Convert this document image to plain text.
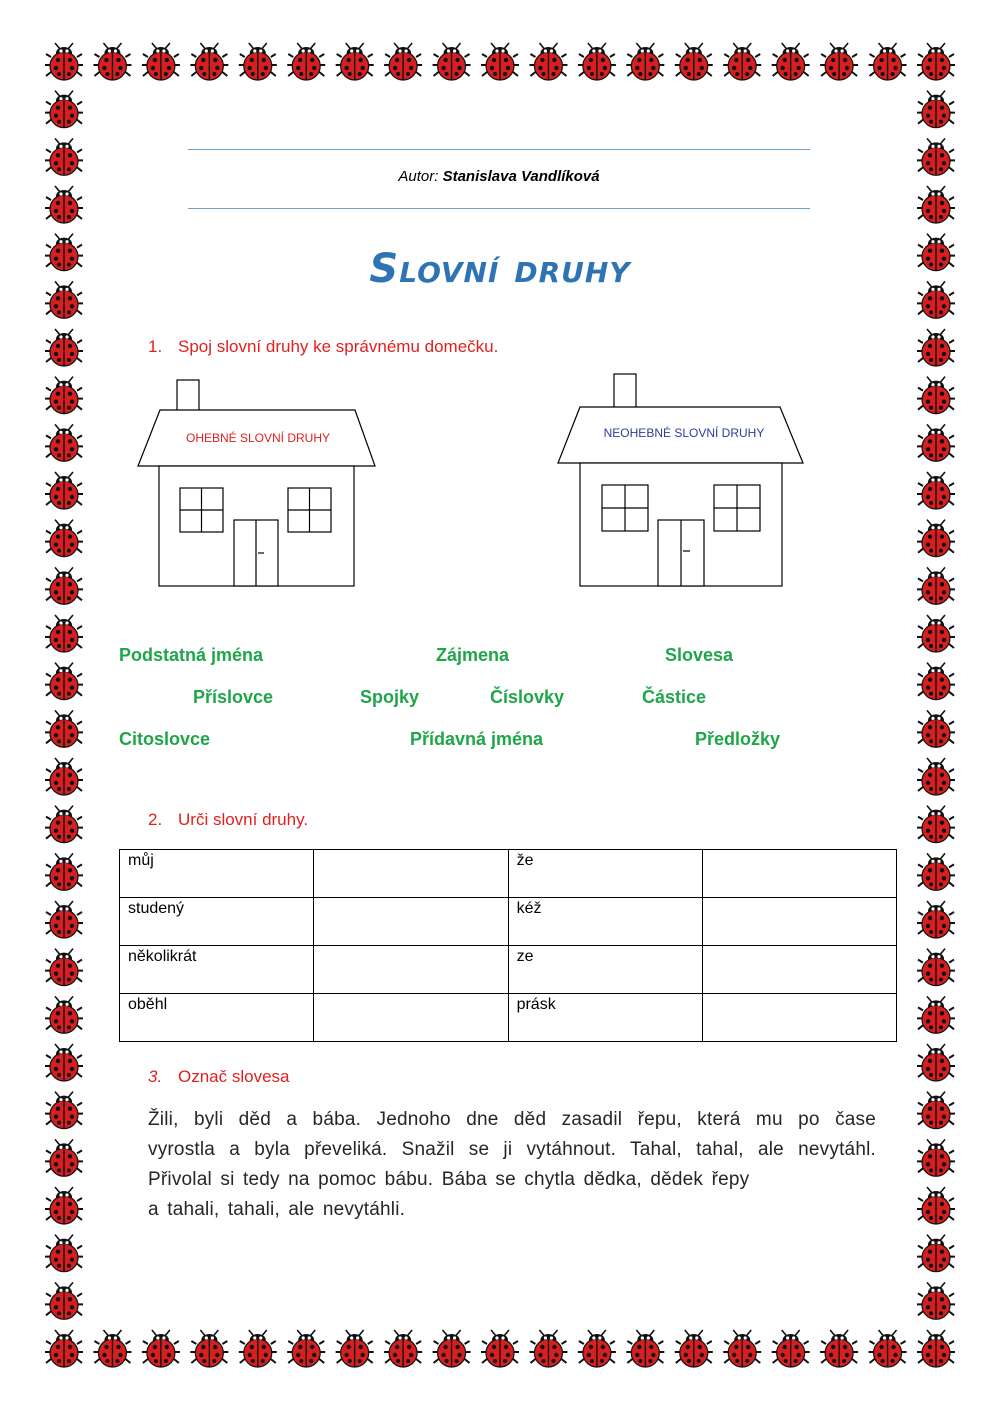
Autor: Stanislava Vandlíková
Slovní druhy
1. Spoj slovní druhy ke správnému domečku.
OHEBNÉ SLOVNÍ DRUHY	NEOHEBNÉ SLOVNÍ DRUHY
Podstatná jména	Zájmena	Slovesa
Příslovce	Spojky	Číslovky	Částice
Citoslovce	Přídavná jména	Předložky
2. Urči slovní druhy.
můj		že	
studený		kéž	
několikrát		ze	
oběhl		prásk	
3. Označ slovesa
Žili, byli děd a bába. Jednoho dne děd zasadil řepu, která mu po čase
vyrostla a byla převeliká. Snažil se ji vytáhnout. Tahal, tahal, ale nevytáhl.
Přivolal si tedy na pomoc bábu. Bába se chytla dědka, dědek řepy
a tahali, tahali, ale nevytáhli.
